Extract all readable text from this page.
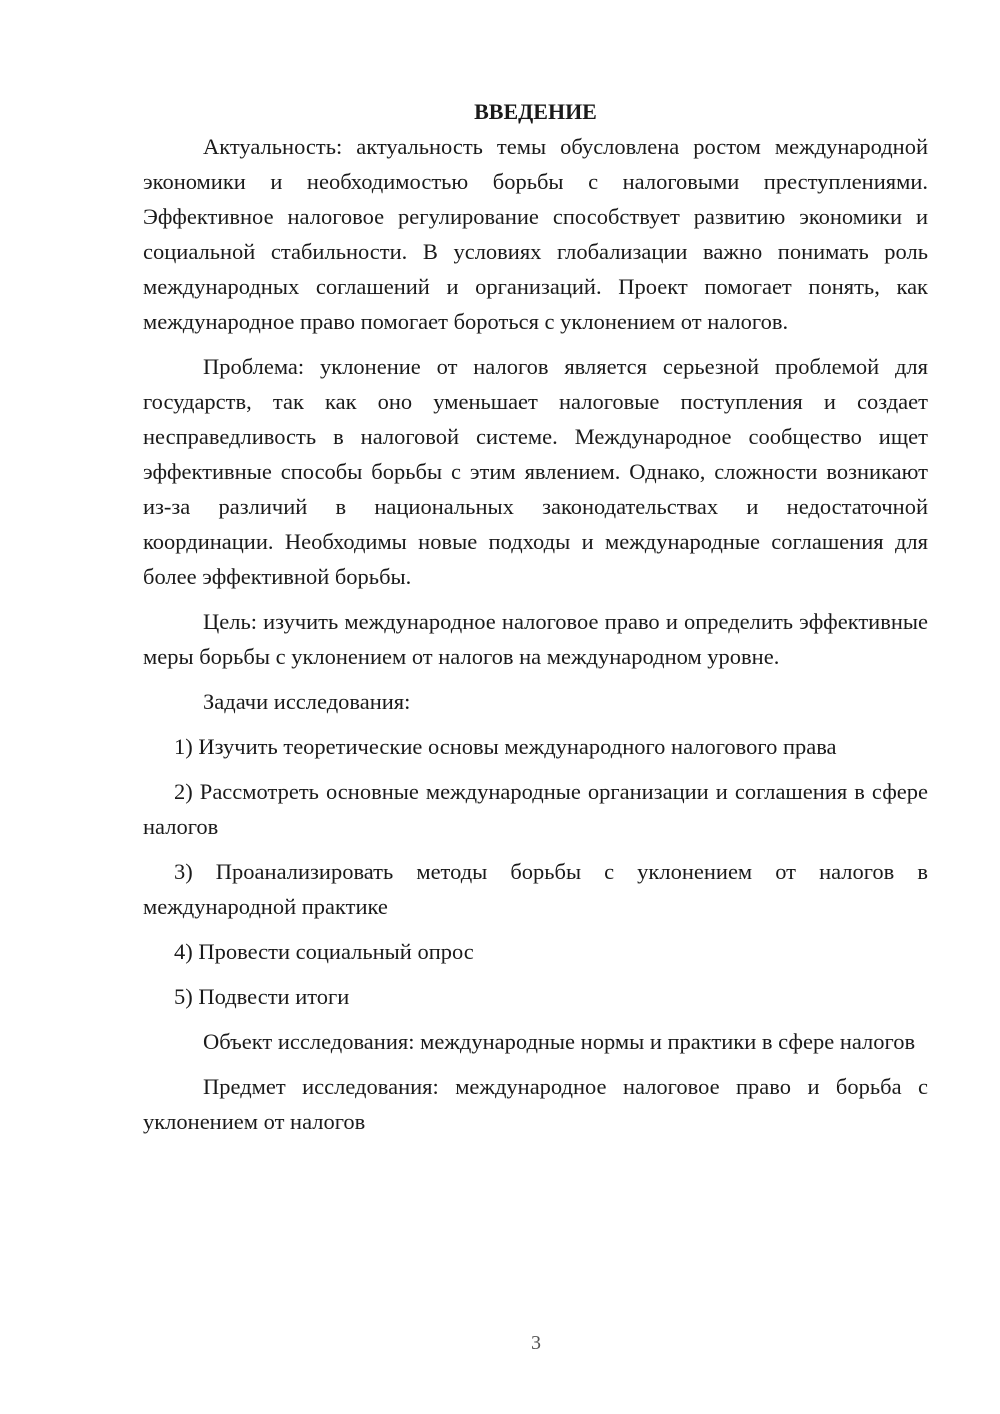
ВВЕДЕНИЕ

Актуальность: актуальность темы обусловлена ростом международной экономики и необходимостью борьбы с налоговыми преступлениями. Эффективное налоговое регулирование способствует развитию экономики и социальной стабильности. В условиях глобализации важно понимать роль международных соглашений и организаций. Проект помогает понять, как международное право помогает бороться с уклонением от налогов.

Проблема: уклонение от налогов является серьезной проблемой для государств, так как оно уменьшает налоговые поступления и создает несправедливость в налоговой системе. Международное сообщество ищет эффективные способы борьбы с этим явлением. Однако, сложности возникают из-за различий в национальных законодательствах и недостаточной координации. Необходимы новые подходы и международные соглашения для более эффективной борьбы.

Цель: изучить международное налоговое право и определить эффективные меры борьбы с уклонением от налогов на международном уровне.

Задачи исследования:

1) Изучить теоретические основы международного налогового права

2) Рассмотреть основные международные организации и соглашения в сфере налогов

3) Проанализировать методы борьбы с уклонением от налогов в международной практике

4) Провести социальный опрос

5) Подвести итоги

Объект исследования: международные нормы и практики в сфере налогов

Предмет исследования: международное налоговое право и борьба с уклонением от налогов

3
